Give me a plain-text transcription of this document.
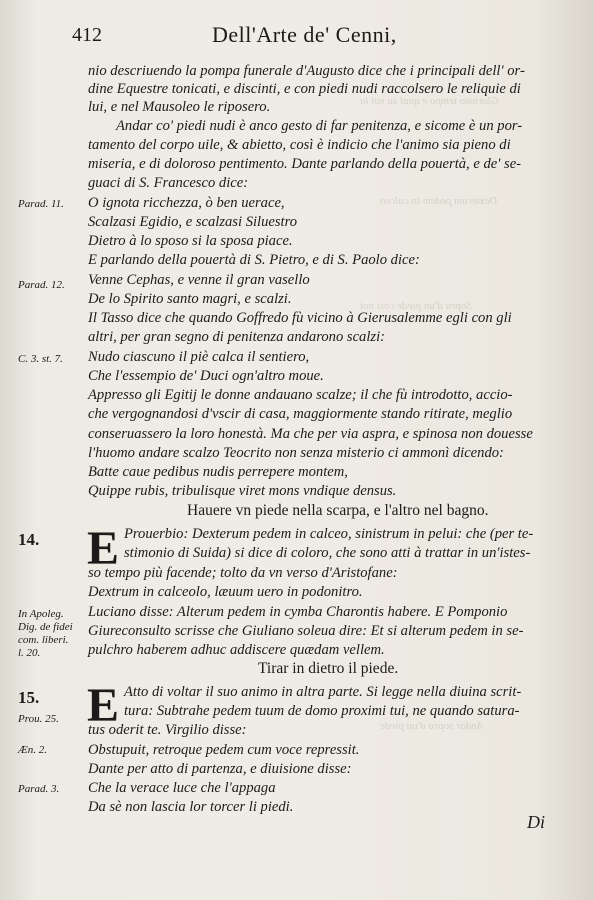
Glorioso tempo e qual su voi la
Dexterum pedem in calceo
Sopra d'un piede cosi noi
Andar sopra d'un piede
412	Dell'Arte de' Cenni,
nio descriuendo la pompa funerale d'Augusto dice che i principali dell' or-
dine Equestre tonicati, e discinti, e con piedi nudi raccolsero le reliquie di
lui, e nel Mausoleo le riposero.
Andar co' piedi nudi è anco gesto di far penitenza, e sicome è un por-
tamento del corpo uile, & abietto, così è indicio che l'animo sia pieno di
miseria, e di doloroso pentimento. Dante parlando della pouertà, e de' se-
guaci di S. Francesco dice:
O ignota ricchezza, ò ben uerace,
Scalzasi Egidio, e scalzasi Siluestro
Dietro à lo sposo si la sposa piace.
E parlando della pouertà di S. Pietro, e di S. Paolo dice:
Venne Cephas, e venne il gran vasello
De lo Spirito santo magri, e scalzi.
Il Tasso dice che quando Goffredo fù vicino à Gierusalemme egli con gli
altri, per gran segno di penitenza andarono scalzi:
Nudo ciascuno il piè calca il sentiero,
Che l'essempio de' Duci ogn'altro moue.
Appresso gli Egitij le donne andauano scalze; il che fù introdotto, accio-
che vergognandosi d'vscir di casa, maggiormente stando ritirate, meglio
conseruassero la loro honestà. Ma che per via aspra, e spinosa non douesse
l'huomo andare scalzo Teocrito non senza misterio ci ammonì dicendo:
Batte caue pedibus nudis perrepere montem,
Quippe rubis, tribulisque viret mons vndique densus.
Hauere vn piede nella scarpa, e l'altro nel bagno.
14. E Prouerbio: Dexterum pedem in calceo, sinistrum in pelui: che (per te-
stimonio di Suida) si dice di coloro, che sono atti à trattar in un'istes-
so tempo più facende; tolto da vn verso d'Aristofane:
Dextrum in calceolo, læuum uero in podonitro.
Luciano disse: Alterum pedem in cymba Charontis habere. E Pomponio
Giureconsulto scrisse che Giuliano soleua dire: Et si alterum pedem in se-
pulchro haberem adhuc addiscere quædam vellem.
Tirar in dietro il piede.
15. E Atto di voltar il suo animo in altra parte. Si legge nella diuina scrit-
tura: Subtrahe pedem tuum de domo proximi tui, ne quando satura-
tus oderit te. Virgilio disse:
Obstupuit, retroque pedem cum voce repressit.
Dante per atto di partenza, e diuisione disse:
Che la verace luce che l'appaga
Da sè non lascia lor torcer li piedi.
Parad. 11.
Parad. 12.
C. 3. st. 7.
In Apoleg.
Dig. de fidei
com. liberi.
l. 20.
Prou. 25.
Æn. 2.
Parad. 3.
Di
